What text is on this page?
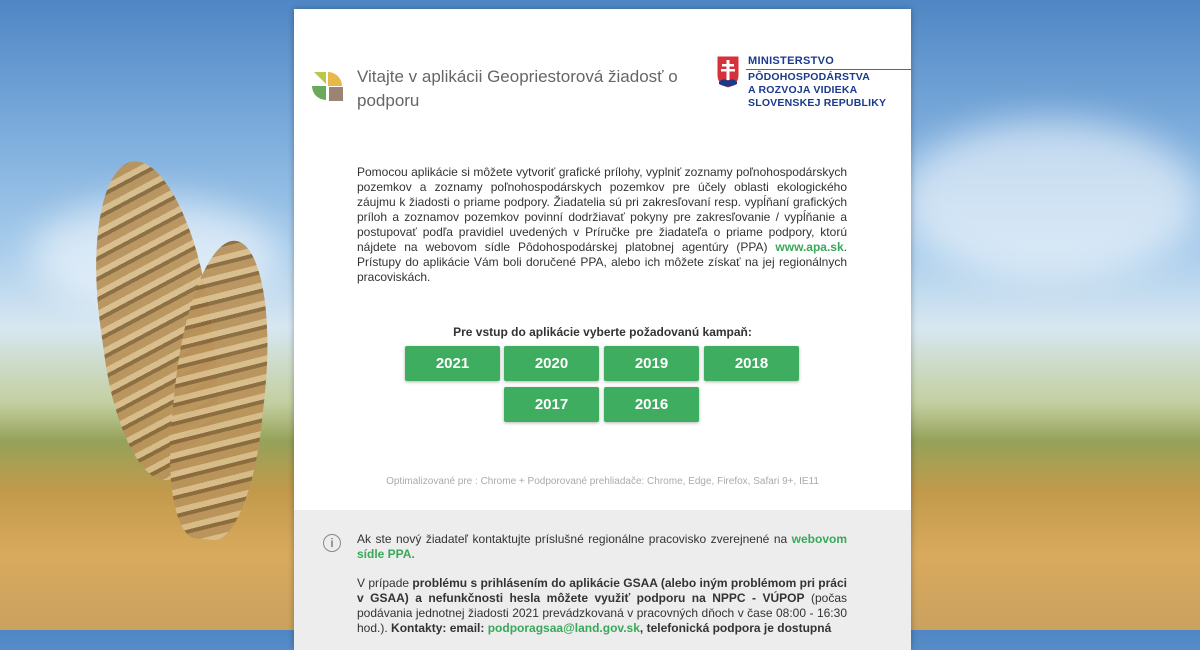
Vitajte v aplikácii Geopriestorová žiadosť o podporu
MINISTERSTVO
PÔDOHOSPODÁRSTVA
A ROZVOJA VIDIEKA
SLOVENSKEJ REPUBLIKY
Pomocou aplikácie si môžete vytvoriť grafické prílohy, vyplniť zoznamy poľnohospodárskych pozemkov a zoznamy poľnohospodárskych pozemkov pre účely oblasti ekologického záujmu k žiadosti o priame podpory. Žiadatelia sú pri zakresľovaní resp. vypĺňaní grafických príloh a zoznamov pozemkov povinní dodržiavať pokyny pre zakresľovanie / vypĺňanie a postupovať podľa pravidiel uvedených v Príručke pre žiadateľa o priame podpory, ktorú nájdete na webovom sídle Pôdohospodárskej platobnej agentúry (PPA) www.apa.sk. Prístupy do aplikácie Vám boli doručené PPA, alebo ich môžete získať na jej regionálnych pracoviskách.
Pre vstup do aplikácie vyberte požadovanú kampaň:
2021	2020	2019	2018
2017	2016
Optimalizované pre : Chrome + Podporované prehliadače: Chrome, Edge, Firefox, Safari 9+, IE11
i	Ak ste nový žiadateľ kontaktujte príslušné regionálne pracovisko zverejnené na webovom sídle PPA.
V prípade problému s prihlásením do aplikácie GSAA (alebo iným problémom pri práci v GSAA) a nefunkčnosti hesla môžete využiť podporu na NPPC - VÚPOP (počas podávania jednotnej žiadosti 2021 prevádzkovaná v pracovných dňoch v čase 08:00 - 16:30 hod.). Kontakty: email: podporagsaa@land.gov.sk, telefonická podpora je dostupná
